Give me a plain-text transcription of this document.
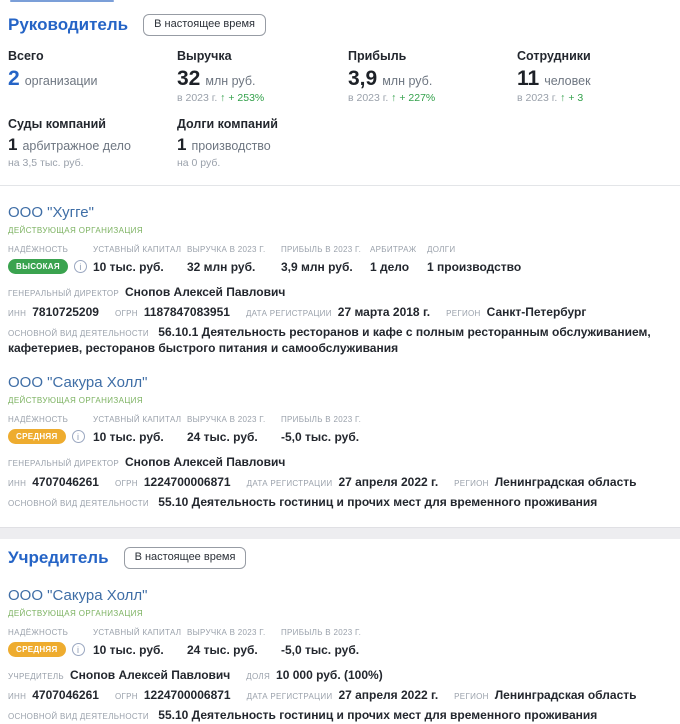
Руководитель	В настоящее время
Всего
2 организации
Выручка
32 млн руб.
в 2023 г. ↑ + 253%
Прибыль
3,9 млн руб.
в 2023 г. ↑ + 227%
Сотрудники
11 человек
в 2023 г. ↑ + 3
Суды компаний
1 арбитражное дело
на 3,5 тыс. руб.
Долги компаний
1 производство
на 0 руб.
ООО "Хугге"
ДЕЙСТВУЮЩАЯ ОРГАНИЗАЦИЯ
НАДЁЖНОСТЬ
ВЫСОКАЯ	i
УСТАВНЫЙ КАПИТАЛ
10 тыс. руб.
ВЫРУЧКА В 2023 Г.
32 млн руб.
ПРИБЫЛЬ В 2023 Г.
3,9 млн руб.
АРБИТРАЖ
1 дело
ДОЛГИ
1 производство
ГЕНЕРАЛЬНЫЙ ДИРЕКТОР Снопов Алексей Павлович
ИНН 7810725209 ОГРН 1187847083951 ДАТА РЕГИСТРАЦИИ 27 марта 2018 г. РЕГИОН Санкт-Петербург

ОСНОВНОЙ ВИД ДЕЯТЕЛЬНОСТИ 56.10.1 Деятельность ресторанов и кафе с полным ресторанным обслуживанием, кафетериев, ресторанов быстрого питания и самообслуживания

ООО "Сакура Холл"
ДЕЙСТВУЮЩАЯ ОРГАНИЗАЦИЯ
НАДЁЖНОСТЬ
СРЕДНЯЯ	i
УСТАВНЫЙ КАПИТАЛ
10 тыс. руб.
ВЫРУЧКА В 2023 Г.
24 тыс. руб.
ПРИБЫЛЬ В 2023 Г.
-5,0 тыс. руб.
ГЕНЕРАЛЬНЫЙ ДИРЕКТОР Снопов Алексей Павлович
ИНН 4707046261 ОГРН 1224700006871 ДАТА РЕГИСТРАЦИИ 27 апреля 2022 г. РЕГИОН Ленинградская область

ОСНОВНОЙ ВИД ДЕЯТЕЛЬНОСТИ 55.10 Деятельность гостиниц и прочих мест для временного проживания

Учредитель	В настоящее время
ООО "Сакура Холл"
ДЕЙСТВУЮЩАЯ ОРГАНИЗАЦИЯ
НАДЁЖНОСТЬ
СРЕДНЯЯ	i
УСТАВНЫЙ КАПИТАЛ
10 тыс. руб.
ВЫРУЧКА В 2023 Г.
24 тыс. руб.
ПРИБЫЛЬ В 2023 Г.
-5,0 тыс. руб.
УЧРЕДИТЕЛЬ Снопов Алексей Павлович ДОЛЯ 10 000 руб. (100%)
ИНН 4707046261 ОГРН 1224700006871 ДАТА РЕГИСТРАЦИИ 27 апреля 2022 г. РЕГИОН Ленинградская область

ОСНОВНОЙ ВИД ДЕЯТЕЛЬНОСТИ 55.10 Деятельность гостиниц и прочих мест для временного проживания
